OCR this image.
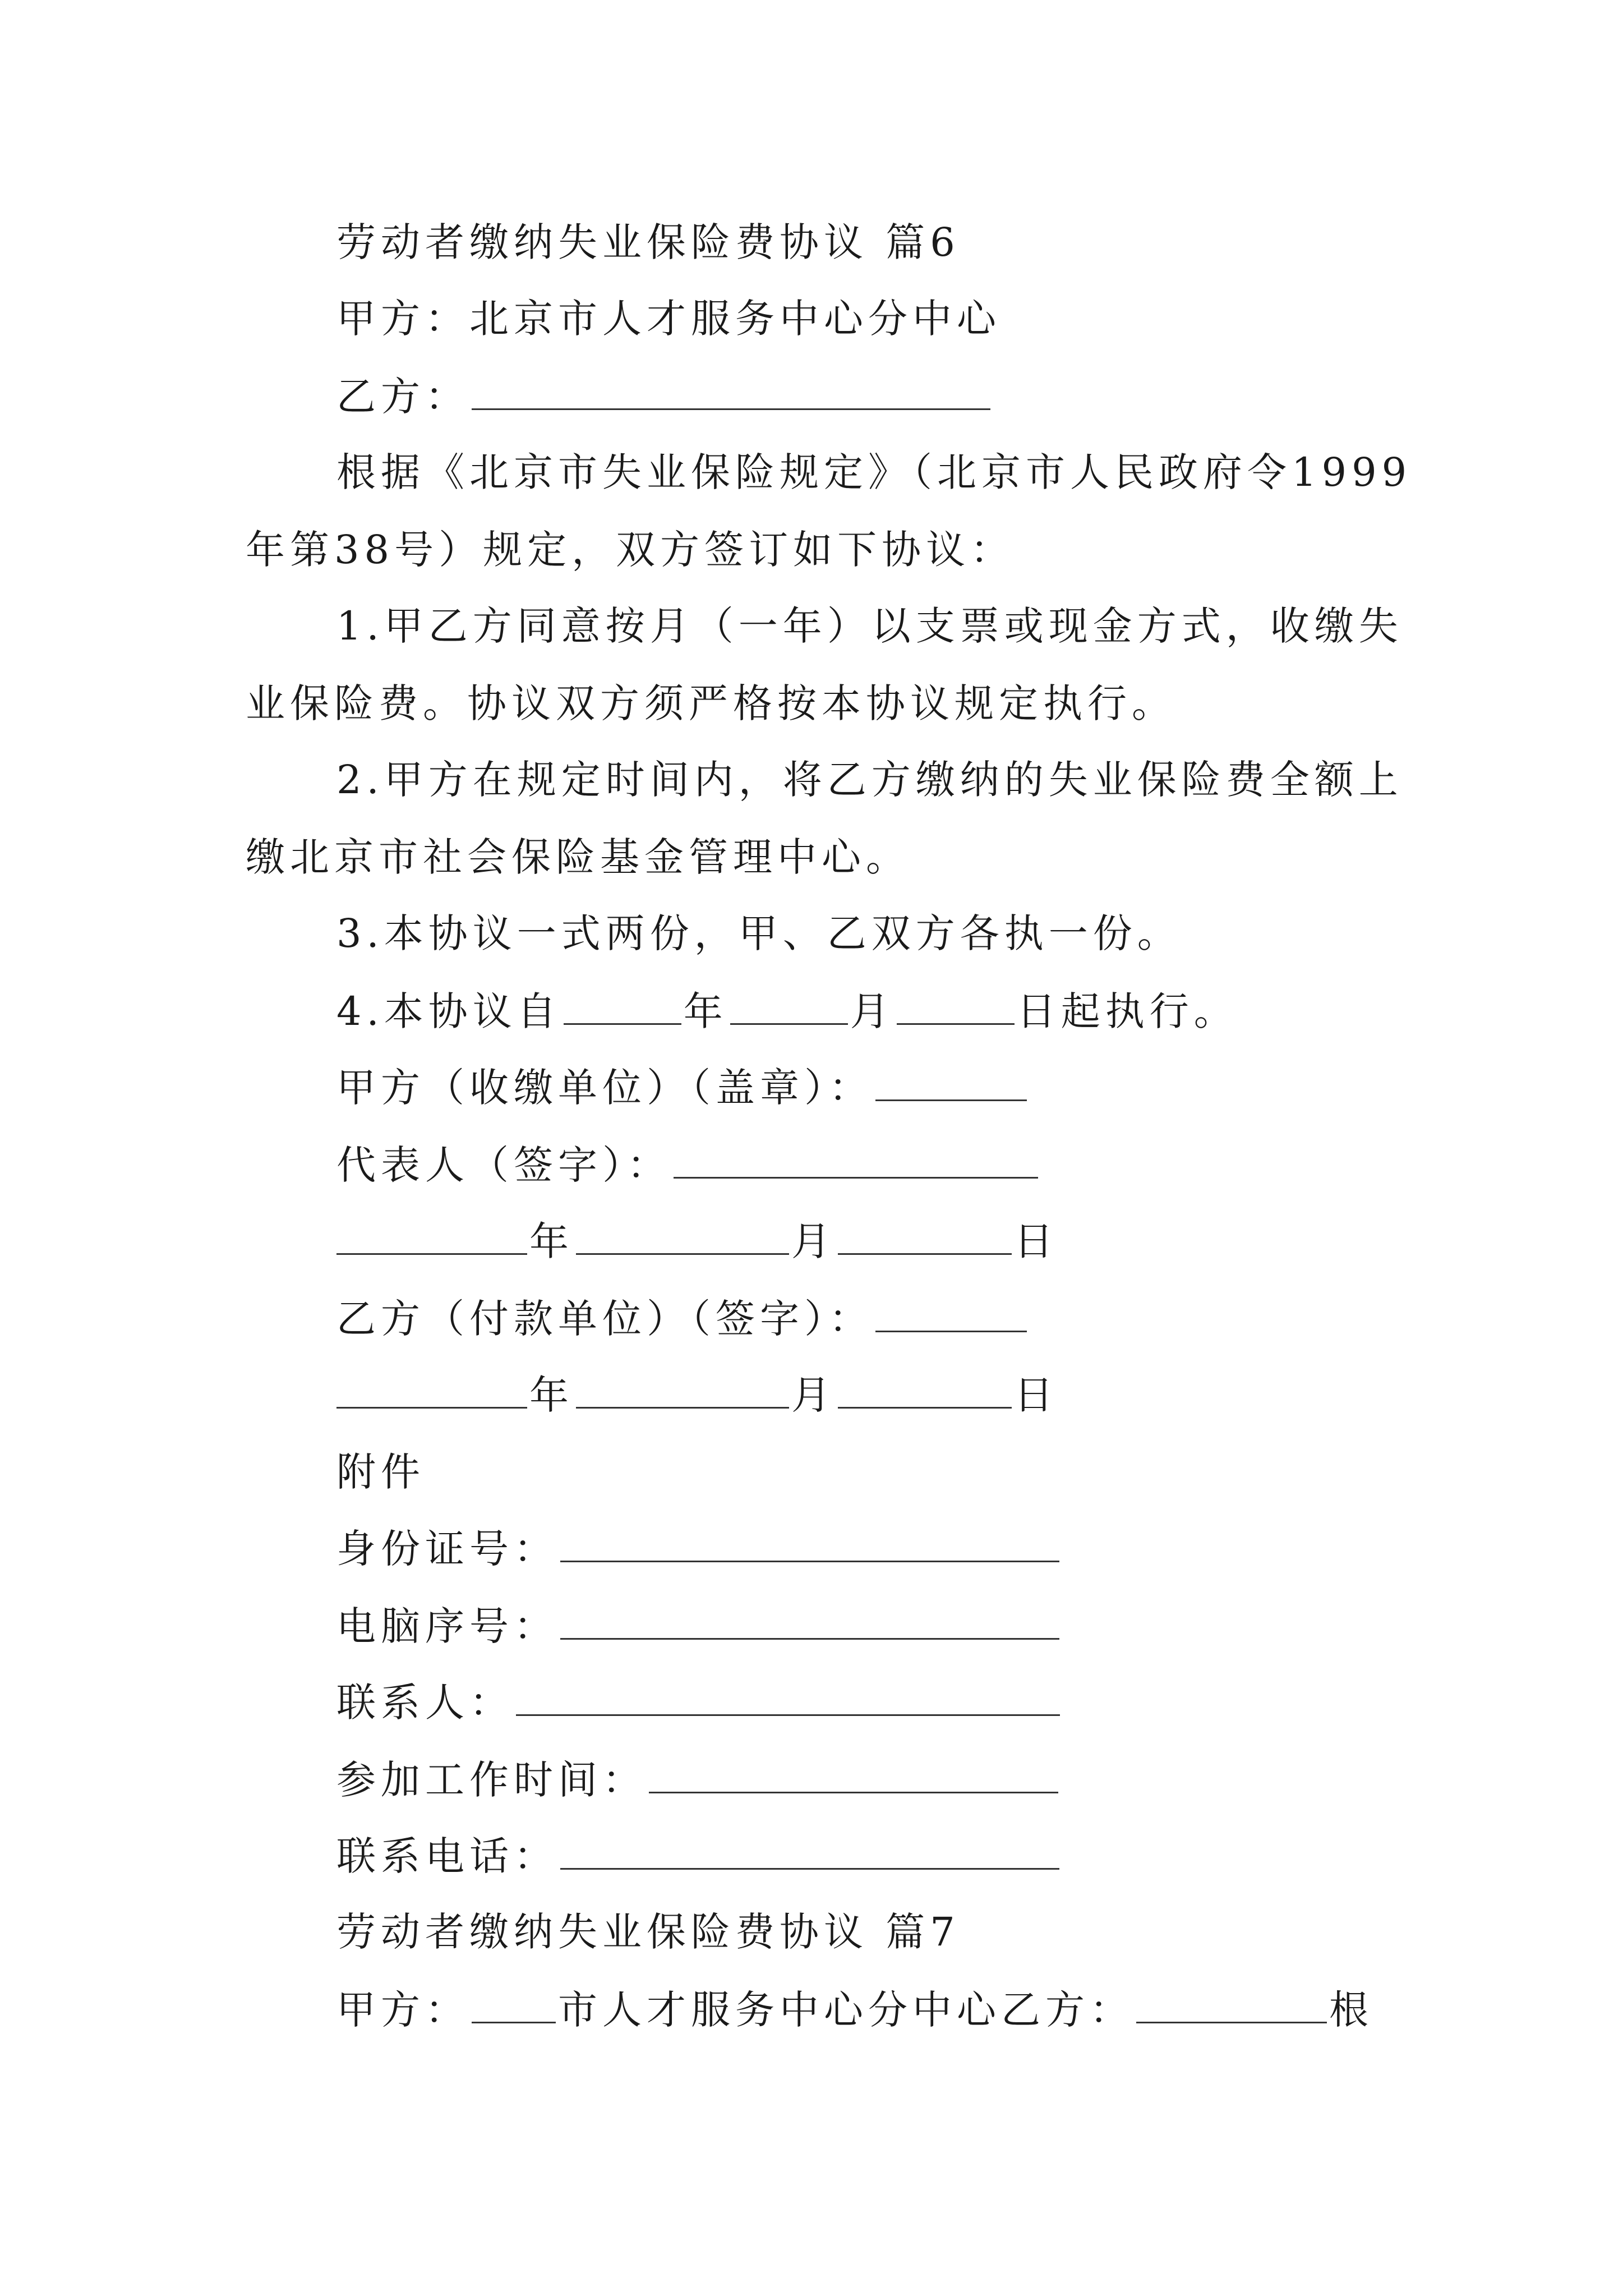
劳动者缴纳失业保险费协议 篇6
甲方：北京市人才服务中心分中心
乙方：
根据《北京市失业保险规定》（北京市人民政府令1999
年第38号）规定，双方签订如下协议：
1.甲乙方同意按月（一年）以支票或现金方式，收缴失
业保险费。协议双方须严格按本协议规定执行。
2.甲方在规定时间内，将乙方缴纳的失业保险费全额上
缴北京市社会保险基金管理中心。
3.本协议一式两份，甲、乙双方各执一份。
4.本协议自	年	月	日起执行。
甲方（收缴单位）（盖章）：
代表人（签字）：
年	月	日
乙方（付款单位）（签字）：
年	月	日
附件
身份证号：
电脑序号：
联系人：
参加工作时间：
联系电话：
劳动者缴纳失业保险费协议 篇7
甲方： 市人才服务中心分中心乙方：	根
